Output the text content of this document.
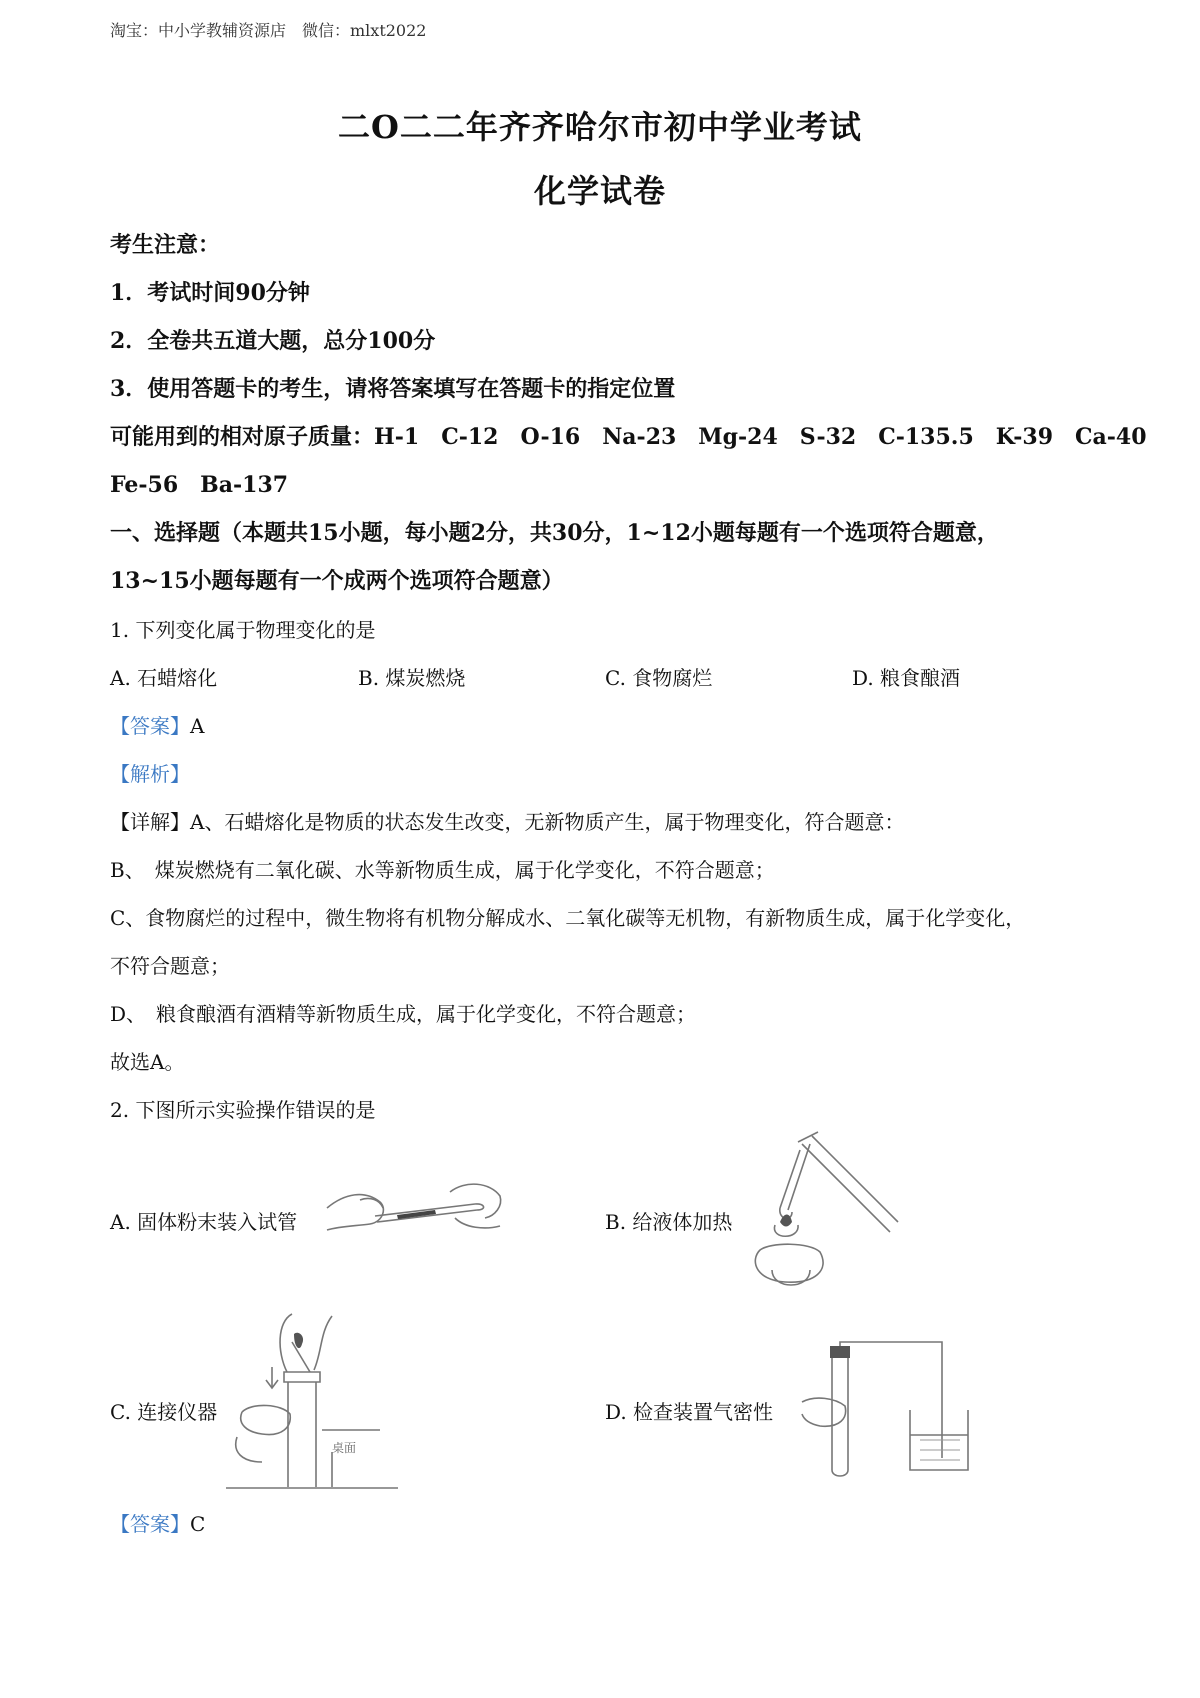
淘宝：中小学教辅资源店　微信：mlxt2022
二O二二年齐齐哈尔市初中学业考试
化学试卷
考生注意：
1．考试时间90分钟
2．全卷共五道大题，总分100分
3．使用答题卡的考生，请将答案填写在答题卡的指定位置
可能用到的相对原子质量：H-1　C-12　O-16　Na-23　Mg-24　S-32　C-135.5　K-39　Ca-40
Fe-56　Ba-137
一、选择题（本题共15小题，每小题2分，共30分，1~12小题每题有一个选项符合题意，
13~15小题每题有一个成两个选项符合题意）
1. 下列变化属于物理变化的是
A. 石蜡熔化	B. 煤炭燃烧	C. 食物腐烂	D. 粮食酿酒
【答案】A
【解析】
【详解】A、石蜡熔化是物质的状态发生改变，无新物质产生，属于物理变化，符合题意：
B、　煤炭燃烧有二氧化碳、水等新物质生成，属于化学变化，不符合题意；
C、食物腐烂的过程中，微生物将有机物分解成水、二氧化碳等无机物，有新物质生成，属于化学变化，
不符合题意；
D、　粮食酿酒有酒精等新物质生成，属于化学变化，不符合题意；
故选A。
2. 下图所示实验操作错误的是
A. 固体粉末装入试管	B. 给液体加热
C. 连接仪器	D. 检查装置气密性
桌面
【答案】C
